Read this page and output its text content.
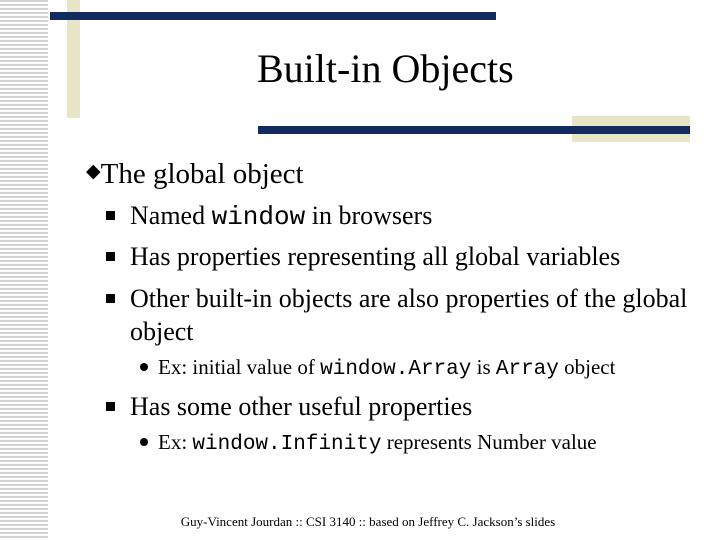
Built-in Objects
◆The global object
Named window in browsers
Has properties representing all global variables
Other built-in objects are also properties of the global object
Ex: initial value of window.Array is Array object
Has some other useful properties
Ex: window.Infinity represents Number value
Guy-Vincent Jourdan :: CSI 3140 :: based on Jeffrey C. Jackson’s slides
